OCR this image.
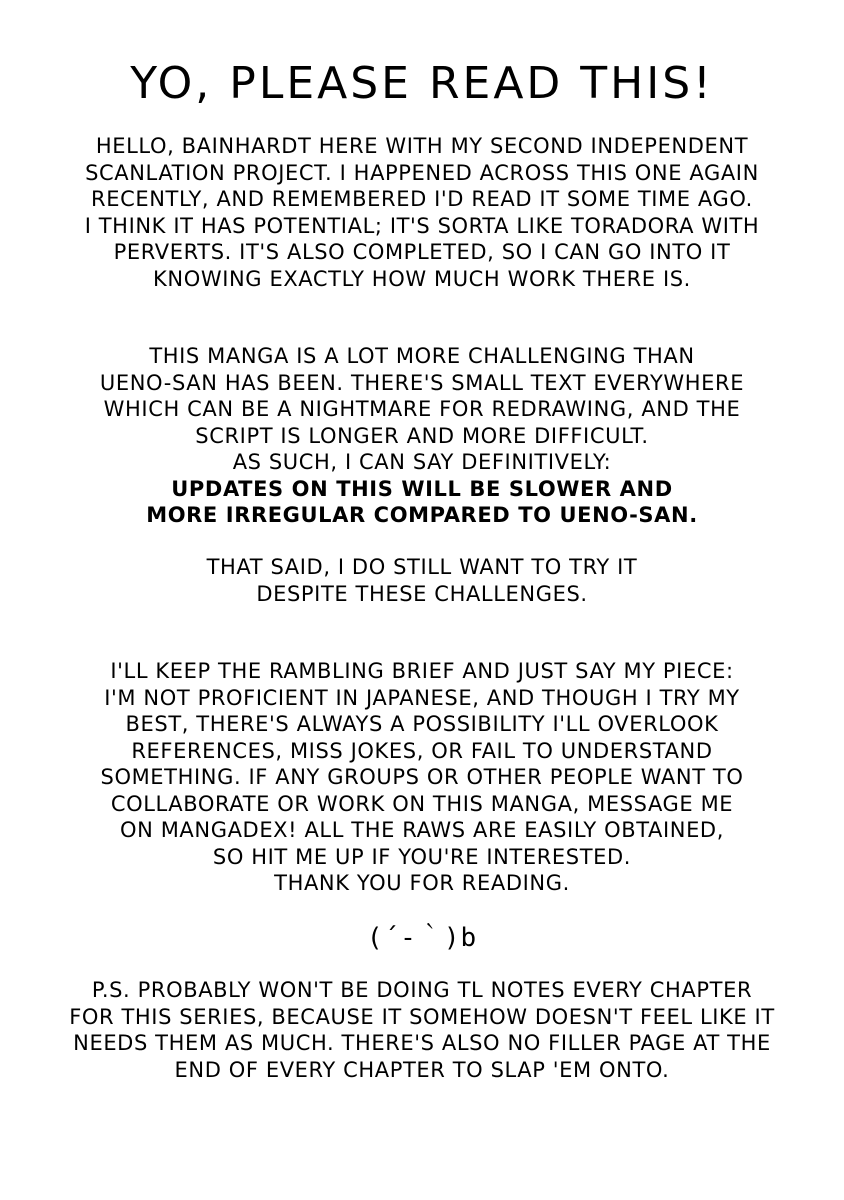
YO, PLEASE READ THIS!
HELLO, BAINHARDT HERE WITH MY SECOND INDEPENDENT
SCANLATION PROJECT. I HAPPENED ACROSS THIS ONE AGAIN
RECENTLY, AND REMEMBERED I'D READ IT SOME TIME AGO.
I THINK IT HAS POTENTIAL; IT'S SORTA LIKE TORADORA WITH
PERVERTS. IT'S ALSO COMPLETED, SO I CAN GO INTO IT
KNOWING EXACTLY HOW MUCH WORK THERE IS.
THIS MANGA IS A LOT MORE CHALLENGING THAN
UENO-SAN HAS BEEN. THERE'S SMALL TEXT EVERYWHERE
WHICH CAN BE A NIGHTMARE FOR REDRAWING, AND THE
SCRIPT IS LONGER AND MORE DIFFICULT.
AS SUCH, I CAN SAY DEFINITIVELY:
UPDATES ON THIS WILL BE SLOWER AND
MORE IRREGULAR COMPARED TO UENO-SAN.
THAT SAID, I DO STILL WANT TO TRY IT
DESPITE THESE CHALLENGES.
I'LL KEEP THE RAMBLING BRIEF AND JUST SAY MY PIECE:
I'M NOT PROFICIENT IN JAPANESE, AND THOUGH I TRY MY
BEST, THERE'S ALWAYS A POSSIBILITY I'LL OVERLOOK
REFERENCES, MISS JOKES, OR FAIL TO UNDERSTAND
SOMETHING. IF ANY GROUPS OR OTHER PEOPLE WANT TO
COLLABORATE OR WORK ON THIS MANGA, MESSAGE ME
ON MANGADEX! ALL THE RAWS ARE EASILY OBTAINED,
SO HIT ME UP IF YOU'RE INTERESTED.
THANK YOU FOR READING.
(´-｀)b
P.S. PROBABLY WON'T BE DOING TL NOTES EVERY CHAPTER
FOR THIS SERIES, BECAUSE IT SOMEHOW DOESN'T FEEL LIKE IT
NEEDS THEM AS MUCH. THERE'S ALSO NO FILLER PAGE AT THE
END OF EVERY CHAPTER TO SLAP 'EM ONTO.
